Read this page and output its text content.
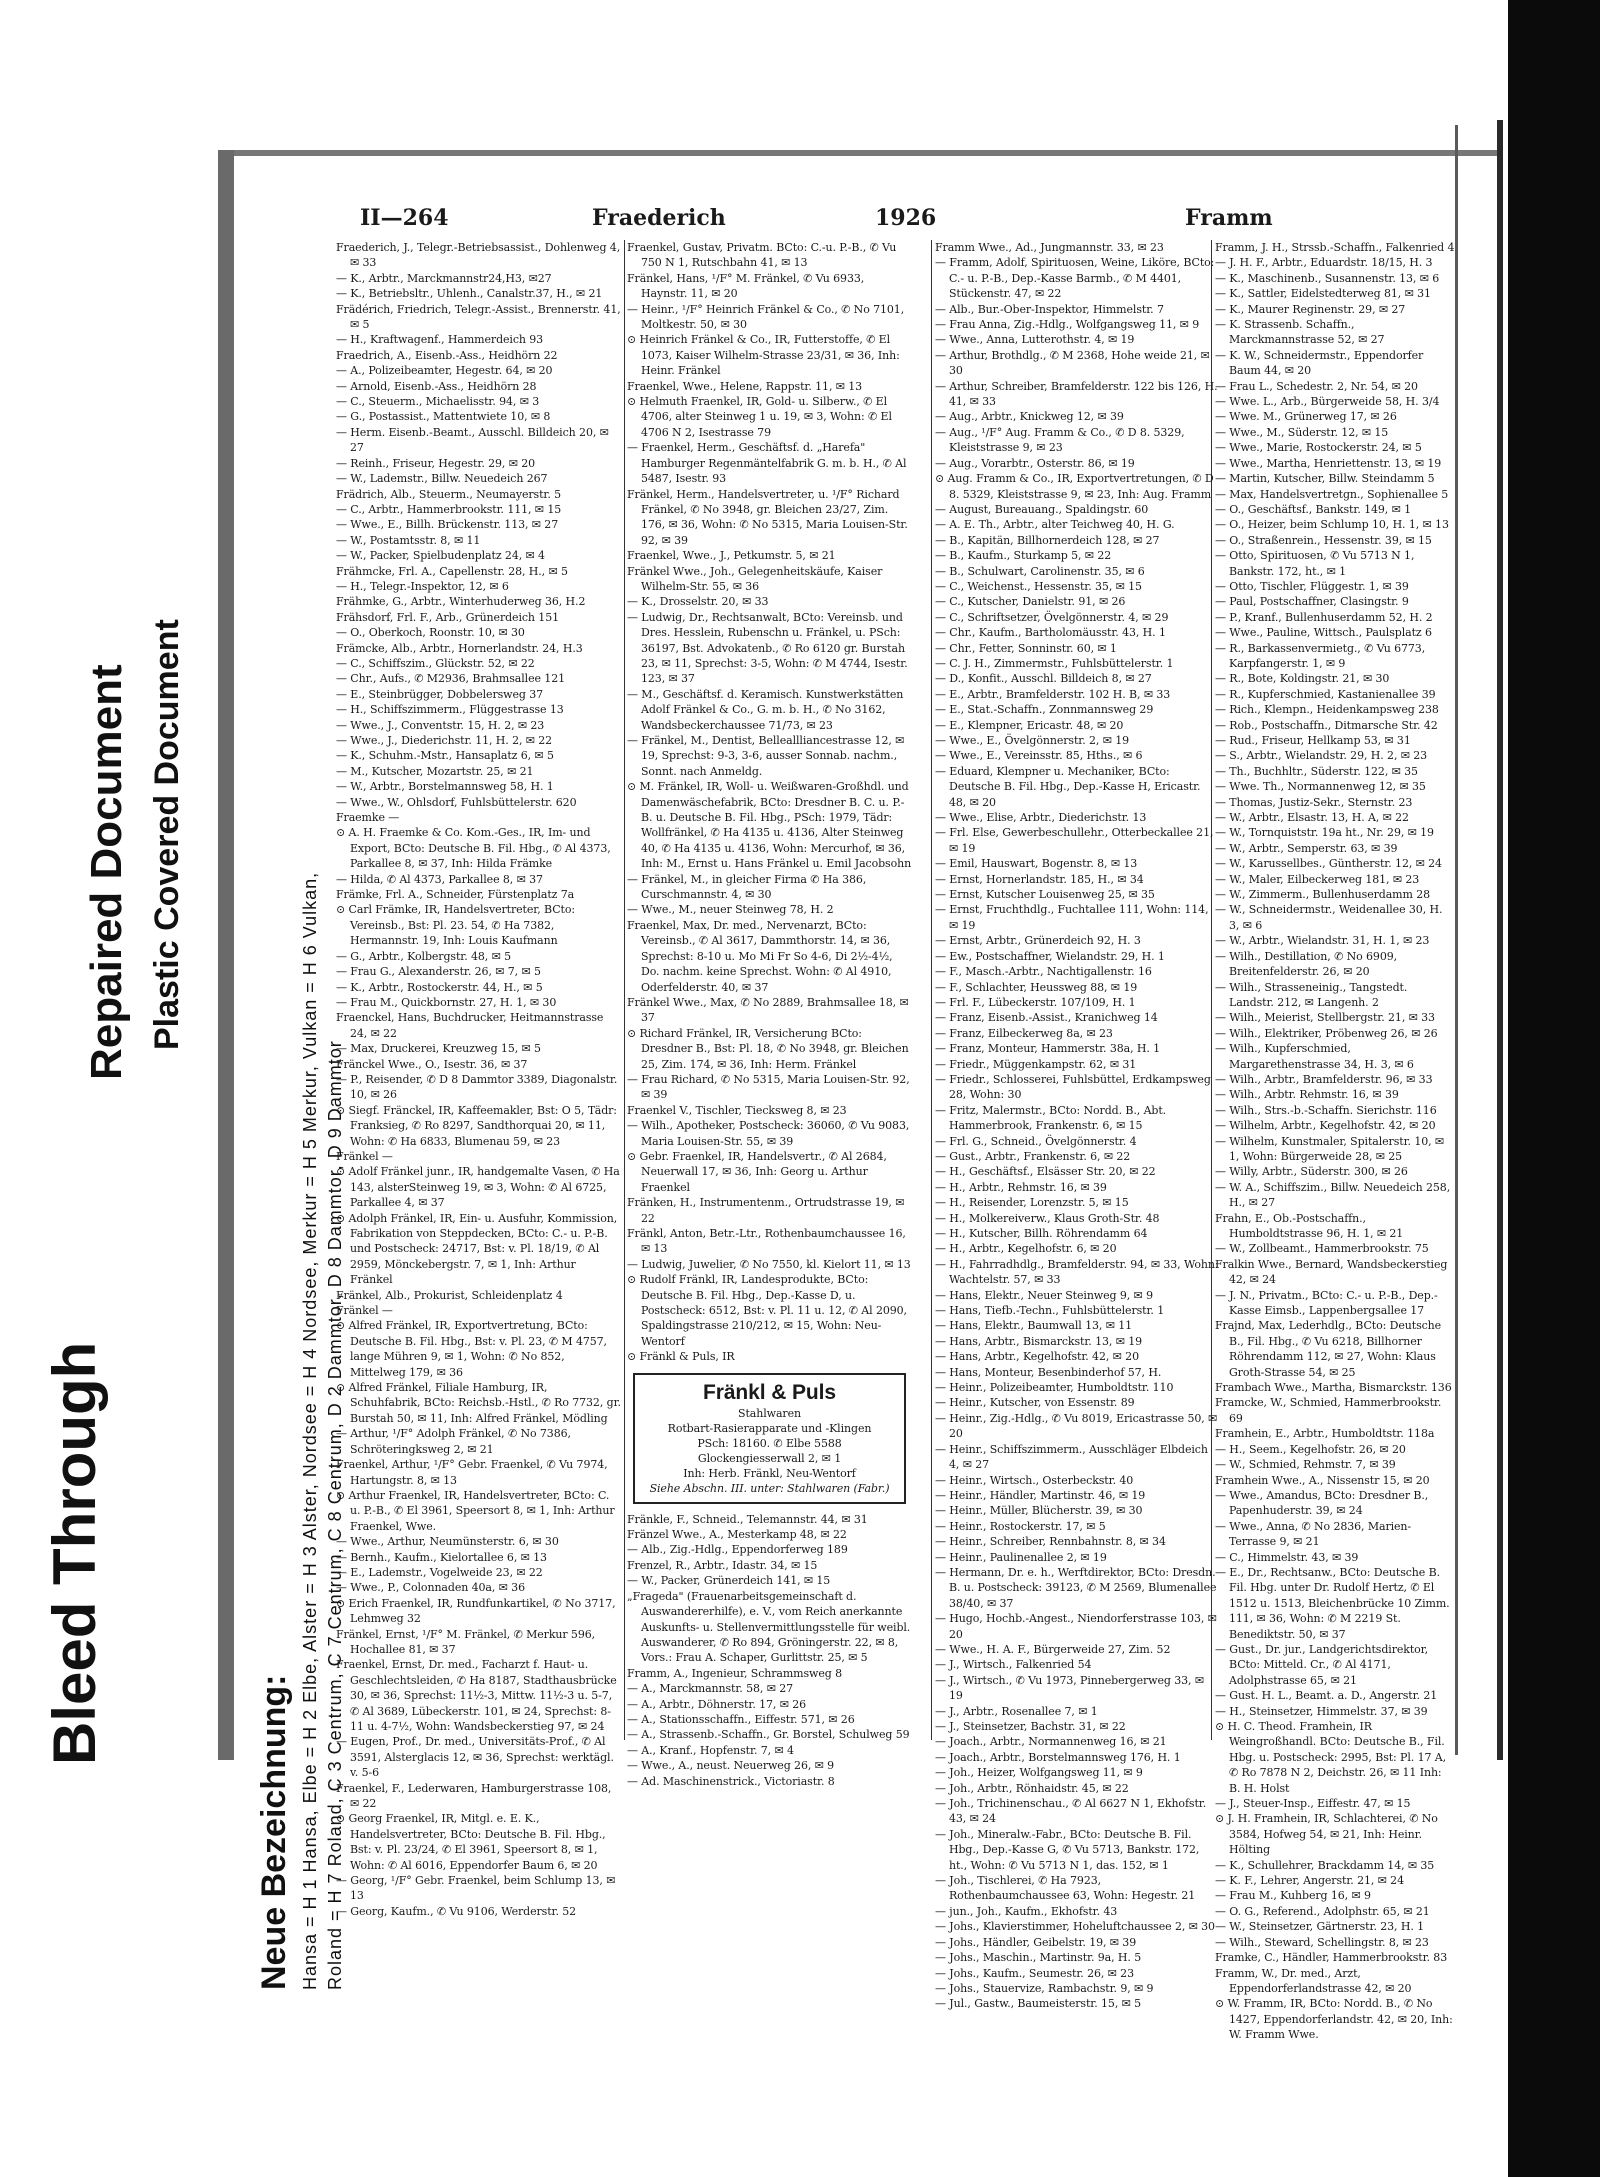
Bleed Through
Repaired Document Plastic Covered Document
Neue Bezeichnung: Hansa = H 1 Hansa, Elbe = H 2 Elbe, Alster = H 3 Alster, Nordsee = H 4 Nordsee, Merkur = H 5 Merkur, Vulkan = H 6 Vulkan, Roland = H 7 Roland, C 3 Centrum, C 7 Centrum, C 8 Centrum, D 2 Dammtor, D 8 Dammtor, D 9 Dammtor
II—264	Fraederich	1926	Framm

Fraederich, J., Telegr.-Betriebsassist., Dohlenweg 4, ✉ 33

— K., Arbtr., Marckmannstr24,H3, ✉27

— K., Betriebsltr., Uhlenh., Canalstr.37, H., ✉ 21

Frädérich, Friedrich, Telegr.-Assist., Brennerstr. 41, ✉ 5

— H., Kraftwagenf., Hammerdeich 93

Fraedrich, A., Eisenb.-Ass., Heidhörn 22

— A., Polizeibeamter, Hegestr. 64, ✉ 20

— Arnold, Eisenb.-Ass., Heidhörn 28

— C., Steuerm., Michaelisstr. 94, ✉ 3

— G., Postassist., Mattentwiete 10, ✉ 8

— Herm. Eisenb.-Beamt., Ausschl. Billdeich 20, ✉ 27

— Reinh., Friseur, Hegestr. 29, ✉ 20

— W., Lademstr., Billw. Neuedeich 267

Frädrich, Alb., Steuerm., Neumayerstr. 5

— C., Arbtr., Hammerbrookstr. 111, ✉ 15

— Wwe., E., Billh. Brückenstr. 113, ✉ 27

— W., Postamtsstr. 8, ✉ 11

— W., Packer, Spielbudenplatz 24, ✉ 4

Frähmcke, Frl. A., Capellenstr. 28, H., ✉ 5

— H., Telegr.-Inspektor, 12, ✉ 6

Frähmke, G., Arbtr., Winterhuderweg 36, H.2

Frähsdorf, Frl. F., Arb., Grünerdeich 151

— O., Oberkoch, Roonstr. 10, ✉ 30

Främcke, Alb., Arbtr., Hornerlandstr. 24, H.3

— C., Schiffszim., Glückstr. 52, ✉ 22

— Chr., Aufs., ✆ M2936, Brahmsallee 121

— E., Steinbrügger, Dobbelersweg 37

— H., Schiffszimmerm., Flüggestrasse 13

— Wwe., J., Conventstr. 15, H. 2, ✉ 23

— Wwe., J., Diederichstr. 11, H. 2, ✉ 22

— K., Schuhm.-Mstr., Hansaplatz 6, ✉ 5

— M., Kutscher, Mozartstr. 25, ✉ 21

— W., Arbtr., Borstelmannsweg 58, H. 1

— Wwe., W., Ohlsdorf, Fuhlsbüttelerstr. 620

Fraemke —

⊙ A. H. Fraemke & Co. Kom.-Ges., IR, Im- und Export, BCto: Deutsche B. Fil. Hbg., ✆ Al 4373, Parkallee 8, ✉ 37, Inh: Hilda Främke

— Hilda, ✆ Al 4373, Parkallee 8, ✉ 37

Främke, Frl. A., Schneider, Fürstenplatz 7a

⊙ Carl Främke, IR, Handelsvertreter, BCto: Vereinsb., Bst: Pl. 23. 54, ✆ Ha 7382, Hermannstr. 19, Inh: Louis Kaufmann

— G., Arbtr., Kolbergstr. 48, ✉ 5

— Frau G., Alexanderstr. 26, ✉ 7, ✉ 5

— K., Arbtr., Rostockerstr. 44, H., ✉ 5

— Frau M., Quickbornstr. 27, H. 1, ✉ 30

Fraenckel, Hans, Buchdrucker, Heitmannstrasse 24, ✉ 22

— Max, Druckerei, Kreuzweg 15, ✉ 5

Fränckel Wwe., O., Isestr. 36, ✉ 37

— P., Reisender, ✆ D 8 Dammtor 3389, Diagonalstr. 10, ✉ 26

⊙ Siegf. Fränckel, IR, Kaffeemakler, Bst: O 5, Tädr: Franksieg, ✆ Ro 8297, Sandthorquai 20, ✉ 11, Wohn: ✆ Ha 6833, Blumenau 59, ✉ 23

Fränkel —

⊙ Adolf Fränkel junr., IR, handgemalte Vasen, ✆ Ha 143, alsterSteinweg 19, ✉ 3, Wohn: ✆ Al 6725, Parkallee 4, ✉ 37

⊙ Adolph Fränkel, IR, Ein- u. Ausfuhr, Kommission, Fabrikation von Steppdecken, BCto: C.- u. P.-B. und Postscheck: 24717, Bst: v. Pl. 18/19, ✆ Al 2959, Mönckebergstr. 7, ✉ 1, Inh: Arthur Fränkel

Fränkel, Alb., Prokurist, Schleidenplatz 4

Fränkel —

⊙ Alfred Fränkel, IR, Exportvertretung, BCto: Deutsche B. Fil. Hbg., Bst: v. Pl. 23, ✆ M 4757, lange Mühren 9, ✉ 1, Wohn: ✆ No 852, Mittelweg 179, ✉ 36

⊙ Alfred Fränkel, Filiale Hamburg, IR, Schuhfabrik, BCto: Reichsb.-Hstl., ✆ Ro 7732, gr. Burstah 50, ✉ 11, Inh: Alfred Fränkel, Mödling

— Arthur, ¹/F° Adolph Fränkel, ✆ No 7386, Schröteringksweg 2, ✉ 21

Fraenkel, Arthur, ¹/F° Gebr. Fraenkel, ✆ Vu 7974, Hartungstr. 8, ✉ 13

⊙ Arthur Fraenkel, IR, Handelsvertreter, BCto: C. u. P.-B., ✆ El 3961, Speersort 8, ✉ 1, Inh: Arthur Fraenkel, Wwe.

— Wwe., Arthur, Neumünsterstr. 6, ✉ 30

— Bernh., Kaufm., Kielortallee 6, ✉ 13

— E., Lademstr., Vogelweide 23, ✉ 22

— Wwe., P., Colonnaden 40a, ✉ 36

⊙ Erich Fraenkel, IR, Rundfunkartikel, ✆ No 3717, Lehmweg 32

Fränkel, Ernst, ¹/F° M. Fränkel, ✆ Merkur 596, Hochallee 81, ✉ 37

Fraenkel, Ernst, Dr. med., Facharzt f. Haut- u. Geschlechtsleiden, ✆ Ha 8187, Stadthausbrücke 30, ✉ 36, Sprechst: 11½-3, Mittw. 11½-3 u. 5-7, ✆ Al 3689, Lübeckerstr. 101, ✉ 24, Sprechst: 8-11 u. 4-7½, Wohn: Wandsbeckerstieg 97, ✉ 24

— Eugen, Prof., Dr. med., Universitäts-Prof., ✆ Al 3591, Alsterglacis 12, ✉ 36, Sprechst: werktägl. v. 5-6

Fraenkel, F., Lederwaren, Hamburgerstrasse 108, ✉ 22

⊙ Georg Fraenkel, IR, Mitgl. e. E. K., Handelsvertreter, BCto: Deutsche B. Fil. Hbg., Bst: v. Pl. 23/24, ✆ El 3961, Speersort 8, ✉ 1, Wohn: ✆ Al 6016, Eppendorfer Baum 6, ✉ 20

— Georg, ¹/F° Gebr. Fraenkel, beim Schlump 13, ✉ 13

— Georg, Kaufm., ✆ Vu 9106, Werderstr. 52

Fraenkel, Gustav, Privatm. BCto: C.-u. P.-B., ✆ Vu 750 N 1, Rutschbahn 41, ✉ 13

Fränkel, Hans, ¹/F° M. Fränkel, ✆ Vu 6933, Haynstr. 11, ✉ 20

— Heinr., ¹/F° Heinrich Fränkel & Co., ✆ No 7101, Moltkestr. 50, ✉ 30

⊙ Heinrich Fränkel & Co., IR, Futterstoffe, ✆ El 1073, Kaiser Wilhelm-Strasse 23/31, ✉ 36, Inh: Heinr. Fränkel

Fraenkel, Wwe., Helene, Rappstr. 11, ✉ 13

⊙ Helmuth Fraenkel, IR, Gold- u. Silberw., ✆ El 4706, alter Steinweg 1 u. 19, ✉ 3, Wohn: ✆ El 4706 N 2, Isestrasse 79

— Fraenkel, Herm., Geschäftsf. d. „Harefa" Hamburger Regenmäntelfabrik G. m. b. H., ✆ Al 5487, Isestr. 93

Fränkel, Herm., Handelsvertreter, u. ¹/F° Richard Fränkel, ✆ No 3948, gr. Bleichen 23/27, Zim. 176, ✉ 36, Wohn: ✆ No 5315, Maria Louisen-Str. 92, ✉ 39

Fraenkel, Wwe., J., Petkumstr. 5, ✉ 21

Fränkel Wwe., Joh., Gelegenheitskäufe, Kaiser Wilhelm-Str. 55, ✉ 36

— K., Drosselstr. 20, ✉ 33

— Ludwig, Dr., Rechtsanwalt, BCto: Vereinsb. und Dres. Hesslein, Rubenschn u. Fränkel, u. PSch: 36197, Bst. Advokatenb., ✆ Ro 6120 gr. Burstah 23, ✉ 11, Sprechst: 3-5, Wohn: ✆ M 4744, Isestr. 123, ✉ 37

— M., Geschäftsf. d. Keramisch. Kunstwerkstätten Adolf Fränkel & Co., G. m. b. H., ✆ No 3162, Wandsbeckerchaussee 71/73, ✉ 23

— Fränkel, M., Dentist, Belleallliancestrasse 12, ✉ 19, Sprechst: 9-3, 3-6, ausser Sonnab. nachm., Sonnt. nach Anmeldg.

⊙ M. Fränkel, IR, Woll- u. Weißwaren-Großhdl. und Damenwäschefabrik, BCto: Dresdner B. C. u. P.-B. u. Deutsche B. Fil. Hbg., PSch: 1979, Tädr: Wollfränkel, ✆ Ha 4135 u. 4136, Alter Steinweg 40, ✆ Ha 4135 u. 4136, Wohn: Mercurhof, ✉ 36, Inh: M., Ernst u. Hans Fränkel u. Emil Jacobsohn

— Fränkel, M., in gleicher Firma ✆ Ha 386, Curschmannstr. 4, ✉ 30

— Wwe., M., neuer Steinweg 78, H. 2

Fraenkel, Max, Dr. med., Nervenarzt, BCto: Vereinsb., ✆ Al 3617, Dammthorstr. 14, ✉ 36, Sprechst: 8-10 u. Mo Mi Fr So 4-6, Di 2½-4½, Do. nachm. keine Sprechst. Wohn: ✆ Al 4910, Oderfelderstr. 40, ✉ 37

Fränkel Wwe., Max, ✆ No 2889, Brahmsallee 18, ✉ 37

⊙ Richard Fränkel, IR, Versicherung BCto: Dresdner B., Bst: Pl. 18, ✆ No 3948, gr. Bleichen 25, Zim. 174, ✉ 36, Inh: Herm. Fränkel

— Frau Richard, ✆ No 5315, Maria Louisen-Str. 92, ✉ 39

Fraenkel V., Tischler, Tiecksweg 8, ✉ 23

— Wilh., Apotheker, Postscheck: 36060, ✆ Vu 9083, Maria Louisen-Str. 55, ✉ 39

⊙ Gebr. Fraenkel, IR, Handelsvertr., ✆ Al 2684, Neuerwall 17, ✉ 36, Inh: Georg u. Arthur Fraenkel

Fränken, H., Instrumentenm., Ortrudstrasse 19, ✉ 22

Fränkl, Anton, Betr.-Ltr., Rothenbaumchaussee 16, ✉ 13

— Ludwig, Juwelier, ✆ No 7550, kl. Kielort 11, ✉ 13

⊙ Rudolf Fränkl, IR, Landesprodukte, BCto: Deutsche B. Fil. Hbg., Dep.-Kasse D, u. Postscheck: 6512, Bst: v. Pl. 11 u. 12, ✆ Al 2090, Spaldingstrasse 210/212, ✉ 15, Wohn: Neu-Wentorf

⊙ Fränkl & Puls, IR

Fränkl & Puls
Stahlwaren
Rotbart-Rasierapparate und -Klingen
PSch: 18160. ✆ Elbe 5588
Glockengiesserwall 2, ✉ 1
Inh: Herb. Fränkl, Neu-Wentorf
Siehe Abschn. III. unter: Stahlwaren (Fabr.)

Fränkle, F., Schneid., Telemannstr. 44, ✉ 31

Fränzel Wwe., A., Mesterkamp 48, ✉ 22

— Alb., Zig.-Hdlg., Eppendorferweg 189

Frenzel, R., Arbtr., Idastr. 34, ✉ 15

— W., Packer, Grünerdeich 141, ✉ 15

„Frageda" (Frauenarbeitsgemeinschaft d. Auswandererhilfe), e. V., vom Reich anerkannte Auskunfts- u. Stellenvermittlungsstelle für weibl. Auswanderer, ✆ Ro 894, Gröningerstr. 22, ✉ 8, Vors.: Frau A. Schaper, Gurlittstr. 25, ✉ 5

Framm, A., Ingenieur, Schrammsweg 8

— A., Marckmannstr. 58, ✉ 27

— A., Arbtr., Döhnerstr. 17, ✉ 26

— A., Stationsschaffn., Eiffestr. 571, ✉ 26

— A., Strassenb.-Schaffn., Gr. Borstel, Schulweg 59

— A., Kranf., Hopfenstr. 7, ✉ 4

— Wwe., A., neust. Neuerweg 26, ✉ 9

— Ad. Maschinenstrick., Victoriastr. 8

Framm Wwe., Ad., Jungmannstr. 33, ✉ 23

— Framm, Adolf, Spirituosen, Weine, Liköre, BCto: C.- u. P.-B., Dep.-Kasse Barmb., ✆ M 4401, Stückenstr. 47, ✉ 22

— Alb., Bur.-Ober-Inspektor, Himmelstr. 7

— Frau Anna, Zig.-Hdlg., Wolfgangsweg 11, ✉ 9

— Wwe., Anna, Lutterothstr. 4, ✉ 19

— Arthur, Brothdlg., ✆ M 2368, Hohe weide 21, ✉ 30

— Arthur, Schreiber, Bramfelderstr. 122 bis 126, H. 41, ✉ 33

— Aug., Arbtr., Knickweg 12, ✉ 39

— Aug., ¹/F° Aug. Framm & Co., ✆ D 8. 5329, Kleiststrasse 9, ✉ 23

— Aug., Vorarbtr., Osterstr. 86, ✉ 19

⊙ Aug. Framm & Co., IR, Exportvertretungen, ✆ D 8. 5329, Kleiststrasse 9, ✉ 23, Inh: Aug. Framm

— August, Bureauang., Spaldingstr. 60

— A. E. Th., Arbtr., alter Teichweg 40, H. G.

— B., Kapitän, Billhornerdeich 128, ✉ 27

— B., Kaufm., Sturkamp 5, ✉ 22

— B., Schulwart, Carolinenstr. 35, ✉ 6

— C., Weichenst., Hessenstr. 35, ✉ 15

— C., Kutscher, Danielstr. 91, ✉ 26

— C., Schriftsetzer, Övelgönnerstr. 4, ✉ 29

— Chr., Kaufm., Bartholomäusstr. 43, H. 1

— Chr., Fetter, Sonninstr. 60, ✉ 1

— C. J. H., Zimmermstr., Fuhlsbüttelerstr. 1

— D., Konfit., Ausschl. Billdeich 8, ✉ 27

— E., Arbtr., Bramfelderstr. 102 H. B, ✉ 33

— E., Stat.-Schaffn., Zonnmannsweg 29

— E., Klempner, Ericastr. 48, ✉ 20

— Wwe., E., Övelgönnerstr. 2, ✉ 19

— Wwe., E., Vereinsstr. 85, Hths., ✉ 6

— Eduard, Klempner u. Mechaniker, BCto: Deutsche B. Fil. Hbg., Dep.-Kasse H, Ericastr. 48, ✉ 20

— Wwe., Elise, Arbtr., Diederichstr. 13

— Frl. Else, Gewerbeschullehr., Otterbeckallee 21, ✉ 19

— Emil, Hauswart, Bogenstr. 8, ✉ 13

— Ernst, Hornerlandstr. 185, H., ✉ 34

— Ernst, Kutscher Louisenweg 25, ✉ 35

— Ernst, Fruchthdlg., Fuchtallee 111, Wohn: 114, ✉ 19

— Ernst, Arbtr., Grünerdeich 92, H. 3

— Ew., Postschaffner, Wielandstr. 29, H. 1

— F., Masch.-Arbtr., Nachtigallenstr. 16

— F., Schlachter, Heussweg 88, ✉ 19

— Frl. F., Lübeckerstr. 107/109, H. 1

— Franz, Eisenb.-Assist., Kranichweg 14

— Franz, Eilbeckerweg 8a, ✉ 23

— Franz, Monteur, Hammerstr. 38a, H. 1

— Friedr., Müggenkampstr. 62, ✉ 31

— Friedr., Schlosserei, Fuhlsbüttel, Erdkampsweg 28, Wohn: 30

— Fritz, Malermstr., BCto: Nordd. B., Abt. Hammerbrook, Frankenstr. 6, ✉ 15

— Frl. G., Schneid., Övelgönnerstr. 4

— Gust., Arbtr., Frankenstr. 6, ✉ 22

— H., Geschäftsf., Elsässer Str. 20, ✉ 22

— H., Arbtr., Rehmstr. 16, ✉ 39

— H., Reisender, Lorenzstr. 5, ✉ 15

— H., Molkereiverw., Klaus Groth-Str. 48

— H., Kutscher, Billh. Röhrendamm 64

— H., Arbtr., Kegelhofstr. 6, ✉ 20

— H., Fahrradhdlg., Bramfelderstr. 94, ✉ 33, Wohn: Wachtelstr. 57, ✉ 33

— Hans, Elektr., Neuer Steinweg 9, ✉ 9

— Hans, Tiefb.-Techn., Fuhlsbüttelerstr. 1

— Hans, Elektr., Baumwall 13, ✉ 11

— Hans, Arbtr., Bismarckstr. 13, ✉ 19

— Hans, Arbtr., Kegelhofstr. 42, ✉ 20

— Hans, Monteur, Besenbinderhof 57, H.

— Heinr., Polizeibeamter, Humboldtstr. 110

— Heinr., Kutscher, von Essenstr. 89

— Heinr., Zig.-Hdlg., ✆ Vu 8019, Ericastrasse 50, ✉ 20

— Heinr., Schiffszimmerm., Ausschläger Elbdeich 4, ✉ 27

— Heinr., Wirtsch., Osterbeckstr. 40

— Heinr., Händler, Martinstr. 46, ✉ 19

— Heinr., Müller, Blücherstr. 39, ✉ 30

— Heinr., Rostockerstr. 17, ✉ 5

— Heinr., Schreiber, Rennbahnstr. 8, ✉ 34

— Heinr., Paulinenallee 2, ✉ 19

— Hermann, Dr. e. h., Werftdirektor, BCto: Dresdn. B. u. Postscheck: 39123, ✆ M 2569, Blumenallee 38/40, ✉ 37

— Hugo, Hochb.-Angest., Niendorferstrasse 103, ✉ 20

— Wwe., H. A. F., Bürgerweide 27, Zim. 52

— J., Wirtsch., Falkenried 54

— J., Wirtsch., ✆ Vu 1973, Pinnebergerweg 33, ✉ 19

— J., Arbtr., Rosenallee 7, ✉ 1

— J., Steinsetzer, Bachstr. 31, ✉ 22

— Joach., Arbtr., Normannenweg 16, ✉ 21

— Joach., Arbtr., Borstelmannsweg 176, H. 1

— Joh., Heizer, Wolfgangsweg 11, ✉ 9

— Joh., Arbtr., Rönhaidstr. 45, ✉ 22

— Joh., Trichinenschau., ✆ Al 6627 N 1, Ekhofstr. 43, ✉ 24

— Joh., Mineralw.-Fabr., BCto: Deutsche B. Fil. Hbg., Dep.-Kasse G, ✆ Vu 5713, Bankstr. 172, ht., Wohn: ✆ Vu 5713 N 1, das. 152, ✉ 1

— Joh., Tischlerei, ✆ Ha 7923, Rothenbaumchaussee 63, Wohn: Hegestr. 21

— jun., Joh., Kaufm., Ekhofstr. 43

— Johs., Klavierstimmer, Hoheluftchaussee 2, ✉ 30

— Johs., Händler, Geibelstr. 19, ✉ 39

— Johs., Maschin., Martinstr. 9a, H. 5

— Johs., Kaufm., Seumestr. 26, ✉ 23

— Johs., Stauervize, Rambachstr. 9, ✉ 9

— Jul., Gastw., Baumeisterstr. 15, ✉ 5

Framm, J. H., Strssb.-Schaffn., Falkenried 4

— J. H. F., Arbtr., Eduardstr. 18/15, H. 3

— K., Maschinenb., Susannenstr. 13, ✉ 6

— K., Sattler, Eidelstedterweg 81, ✉ 31

— K., Maurer Reginenstr. 29, ✉ 27

— K. Strassenb. Schaffn., Marckmannstrasse 52, ✉ 27

— K. W., Schneidermstr., Eppendorfer Baum 44, ✉ 20

— Frau L., Schedestr. 2, Nr. 54, ✉ 20

— Wwe. L., Arb., Bürgerweide 58, H. 3/4

— Wwe. M., Grünerweg 17, ✉ 26

— Wwe., M., Süderstr. 12, ✉ 15

— Wwe., Marie, Rostockerstr. 24, ✉ 5

— Wwe., Martha, Henriettenstr. 13, ✉ 19

— Martin, Kutscher, Billw. Steindamm 5

— Max, Handelsvertretgn., Sophienallee 5

— O., Geschäftsf., Bankstr. 149, ✉ 1

— O., Heizer, beim Schlump 10, H. 1, ✉ 13

— O., Straßenrein., Hessenstr. 39, ✉ 15

— Otto, Spirituosen, ✆ Vu 5713 N 1, Bankstr. 172, ht., ✉ 1

— Otto, Tischler, Flüggestr. 1, ✉ 39

— Paul, Postschaffner, Clasingstr. 9

— P., Kranf., Bullenhuserdamm 52, H. 2

— Wwe., Pauline, Wittsch., Paulsplatz 6

— R., Barkassenvermietg., ✆ Vu 6773, Karpfangerstr. 1, ✉ 9

— R., Bote, Koldingstr. 21, ✉ 30

— R., Kupferschmied, Kastanienallee 39

— Rich., Klempn., Heidenkampsweg 238

— Rob., Postschaffn., Ditmarsche Str. 42

— Rud., Friseur, Hellkamp 53, ✉ 31

— S., Arbtr., Wielandstr. 29, H. 2, ✉ 23

— Th., Buchhltr., Süderstr. 122, ✉ 35

— Wwe. Th., Normannenweg 12, ✉ 35

— Thomas, Justiz-Sekr., Sternstr. 23

— W., Arbtr., Elsastr. 13, H. A, ✉ 22

— W., Tornquiststr. 19a ht., Nr. 29, ✉ 19

— W., Arbtr., Semperstr. 63, ✉ 39

— W., Karussellbes., Güntherstr. 12, ✉ 24

— W., Maler, Eilbeckerweg 181, ✉ 23

— W., Zimmerm., Bullenhuserdamm 28

— W., Schneidermstr., Weidenallee 30, H. 3, ✉ 6

— W., Arbtr., Wielandstr. 31, H. 1, ✉ 23

— Wilh., Destillation, ✆ No 6909, Breitenfelderstr. 26, ✉ 20

— Wilh., Strasseneinig., Tangstedt. Landstr. 212, ✉ Langenh. 2

— Wilh., Meierist, Stellbergstr. 21, ✉ 33

— Wilh., Elektriker, Pröbenweg 26, ✉ 26

— Wilh., Kupferschmied, Margarethenstrasse 34, H. 3, ✉ 6

— Wilh., Arbtr., Bramfelderstr. 96, ✉ 33

— Wilh., Arbtr. Rehmstr. 16, ✉ 39

— Wilh., Strs.-b.-Schaffn. Sierichstr. 116

— Wilhelm, Arbtr., Kegelhofstr. 42, ✉ 20

— Wilhelm, Kunstmaler, Spitalerstr. 10, ✉ 1, Wohn: Bürgerweide 28, ✉ 25

— Willy, Arbtr., Süderstr. 300, ✉ 26

— W. A., Schiffszim., Billw. Neuedeich 258, H., ✉ 27

Frahn, E., Ob.-Postschaffn., Humboldtstrasse 96, H. 1, ✉ 21

— W., Zollbeamt., Hammerbrookstr. 75

Fralkin Wwe., Bernard, Wandsbeckerstieg 42, ✉ 24

— J. N., Privatm., BCto: C.- u. P.-B., Dep.-Kasse Eimsb., Lappenbergsallee 17

Frajnd, Max, Lederhdlg., BCto: Deutsche B., Fil. Hbg., ✆ Vu 6218, Billhorner Röhrendamm 112, ✉ 27, Wohn: Klaus Groth-Strasse 54, ✉ 25

Frambach Wwe., Martha, Bismarckstr. 136

Framcke, W., Schmied, Hammerbrookstr. 69

Framhein, E., Arbtr., Humboldtstr. 118a

— H., Seem., Kegelhofstr. 26, ✉ 20

— W., Schmied, Rehmstr. 7, ✉ 39

Framhein Wwe., A., Nissenstr 15, ✉ 20

— Wwe., Amandus, BCto: Dresdner B., Papenhuderstr. 39, ✉ 24

— Wwe., Anna, ✆ No 2836, Marien-Terrasse 9, ✉ 21

— C., Himmelstr. 43, ✉ 39

— E., Dr., Rechtsanw., BCto: Deutsche B. Fil. Hbg. unter Dr. Rudolf Hertz, ✆ El 1512 u. 1513, Bleichenbrücke 10 Zimm. 111, ✉ 36, Wohn: ✆ M 2219 St. Benediktstr. 50, ✉ 37

— Gust., Dr. jur., Landgerichtsdirektor, BCto: Mitteld. Cr., ✆ Al 4171, Adolphstrasse 65, ✉ 21

— Gust. H. L., Beamt. a. D., Angerstr. 21

— H., Steinsetzer, Himmelstr. 37, ✉ 39

⊙ H. C. Theod. Framhein, IR Weingroßhandl. BCto: Deutsche B., Fil. Hbg. u. Postscheck: 2995, Bst: Pl. 17 A, ✆ Ro 7878 N 2, Deichstr. 26, ✉ 11 Inh: B. H. Holst

— J., Steuer-Insp., Eiffestr. 47, ✉ 15

⊙ J. H. Framhein, IR, Schlachterei, ✆ No 3584, Hofweg 54, ✉ 21, Inh: Heinr. Hölting

— K., Schullehrer, Brackdamm 14, ✉ 35

— K. F., Lehrer, Angerstr. 21, ✉ 24

— Frau M., Kuhberg 16, ✉ 9

— O. G., Referend., Adolphstr. 65, ✉ 21

— W., Steinsetzer, Gärtnerstr. 23, H. 1

— Wilh., Steward, Schellingstr. 8, ✉ 23

Framke, C., Händler, Hammerbrookstr. 83

Framm, W., Dr. med., Arzt, Eppendorferlandstrasse 42, ✉ 20

⊙ W. Framm, IR, BCto: Nordd. B., ✆ No 1427, Eppendorferlandstr. 42, ✉ 20, Inh: W. Framm Wwe.
